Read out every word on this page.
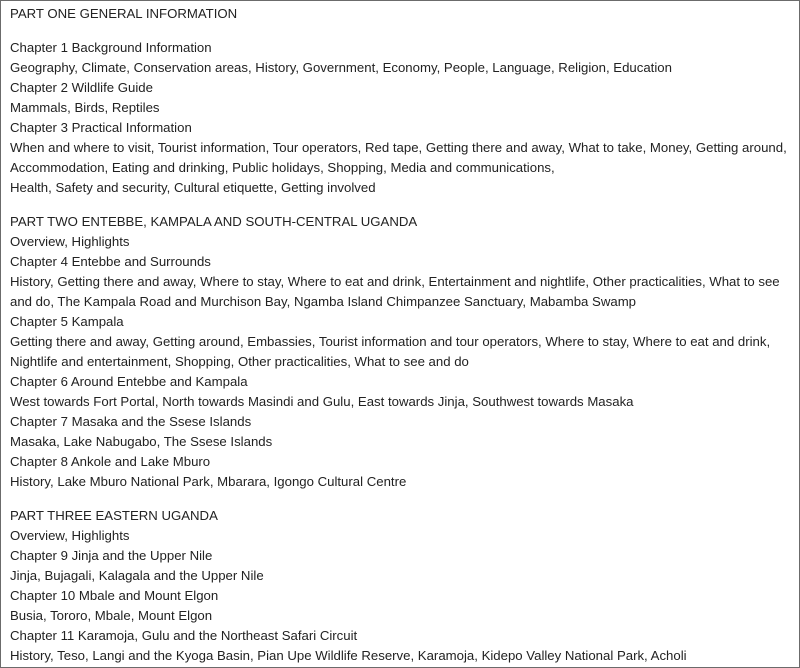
PART ONE GENERAL INFORMATION
Chapter 1 Background Information
Geography, Climate, Conservation areas, History, Government, Economy, People, Language, Religion, Education
Chapter 2 Wildlife Guide
Mammals, Birds, Reptiles
Chapter 3 Practical Information
When and where to visit, Tourist information, Tour operators, Red tape, Getting there and away, What to take, Money, Getting around, Accommodation, Eating and drinking, Public holidays, Shopping, Media and communications,
Health, Safety and security, Cultural etiquette, Getting involved
PART TWO ENTEBBE, KAMPALA AND SOUTH-CENTRAL UGANDA
Overview, Highlights
Chapter 4 Entebbe and Surrounds
History, Getting there and away, Where to stay, Where to eat and drink, Entertainment and nightlife, Other practicalities, What to see and do, The Kampala Road and Murchison Bay, Ngamba Island Chimpanzee Sanctuary, Mabamba Swamp
Chapter 5 Kampala
Getting there and away, Getting around, Embassies, Tourist information and tour operators, Where to stay, Where to eat and drink, Nightlife and entertainment, Shopping, Other practicalities, What to see and do
Chapter 6 Around Entebbe and Kampala
West towards Fort Portal, North towards Masindi and Gulu, East towards Jinja, Southwest towards Masaka
Chapter 7 Masaka and the Ssese Islands
Masaka, Lake Nabugabo, The Ssese Islands
Chapter 8 Ankole and Lake Mburo
History, Lake Mburo National Park, Mbarara, Igongo Cultural Centre
PART THREE EASTERN UGANDA
Overview, Highlights
Chapter 9 Jinja and the Upper Nile
Jinja, Bujagali, Kalagala and the Upper Nile
Chapter 10 Mbale and Mount Elgon
Busia, Tororo, Mbale, Mount Elgon
Chapter 11 Karamoja, Gulu and the Northeast Safari Circuit
History, Teso, Langi and the Kyoga Basin, Pian Upe Wildlife Reserve, Karamoja, Kidepo Valley National Park, Acholi
